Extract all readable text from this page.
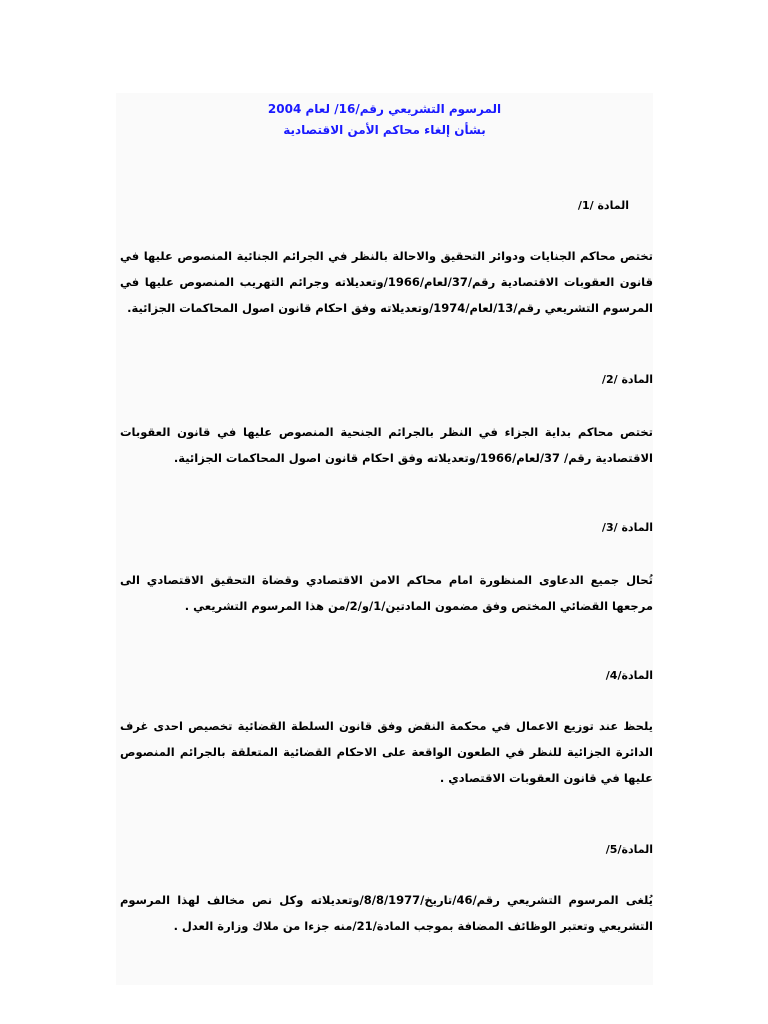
المرسوم التشريعي رقم/16/ لعام 2004
بشأن إلغاء محاكم الأمن الاقتصادية
المادة /1/
تختص محاكم الجنايات ودوائر التحقيق والاحالة بالنظر في الجرائم الجنائية المنصوص عليها في قانون العقوبات الاقتصادية رقم/37/لعام/1966/وتعديلاته وجرائم التهريب المنصوص عليها في المرسوم التشريعي رقم/13/لعام/1974/وتعديلاته وفق احكام قانون اصول المحاكمات الجزائية.
المادة /2/
تختص محاكم بداية الجزاء في النظر بالجرائم الجنحية المنصوص عليها في قانون العقوبات الاقتصادية رقم/ 37/لعام/1966/وتعديلاته وفق احكام قانون اصول المحاكمات الجزائية.
المادة /3/
تُحال جميع الدعاوى المنظورة امام محاكم الامن الاقتصادي وقضاة التحقيق الاقتصادي الى مرجعها القضائي المختص وفق مضمون المادتين/1/و/2/من هذا المرسوم التشريعي .
المادة/4/
يلحظ عند توزيع الاعمال في محكمة النقض وفق قانون السلطة القضائية تخصيص احدى غرف الدائرة الجزائية للنظر في الطعون الواقعة على الاحكام القضائية المتعلقة بالجرائم المنصوص عليها في قانون العقوبات الاقتصادي .
المادة/5/
يُلغى المرسوم التشريعي رقم/46/تاريخ/8/8/1977/وتعديلاته وكل نص مخالف لهذا المرسوم التشريعي وتعتبر الوظائف المضافة بموجب المادة/21/منه جزءا من ملاك وزارة العدل .
